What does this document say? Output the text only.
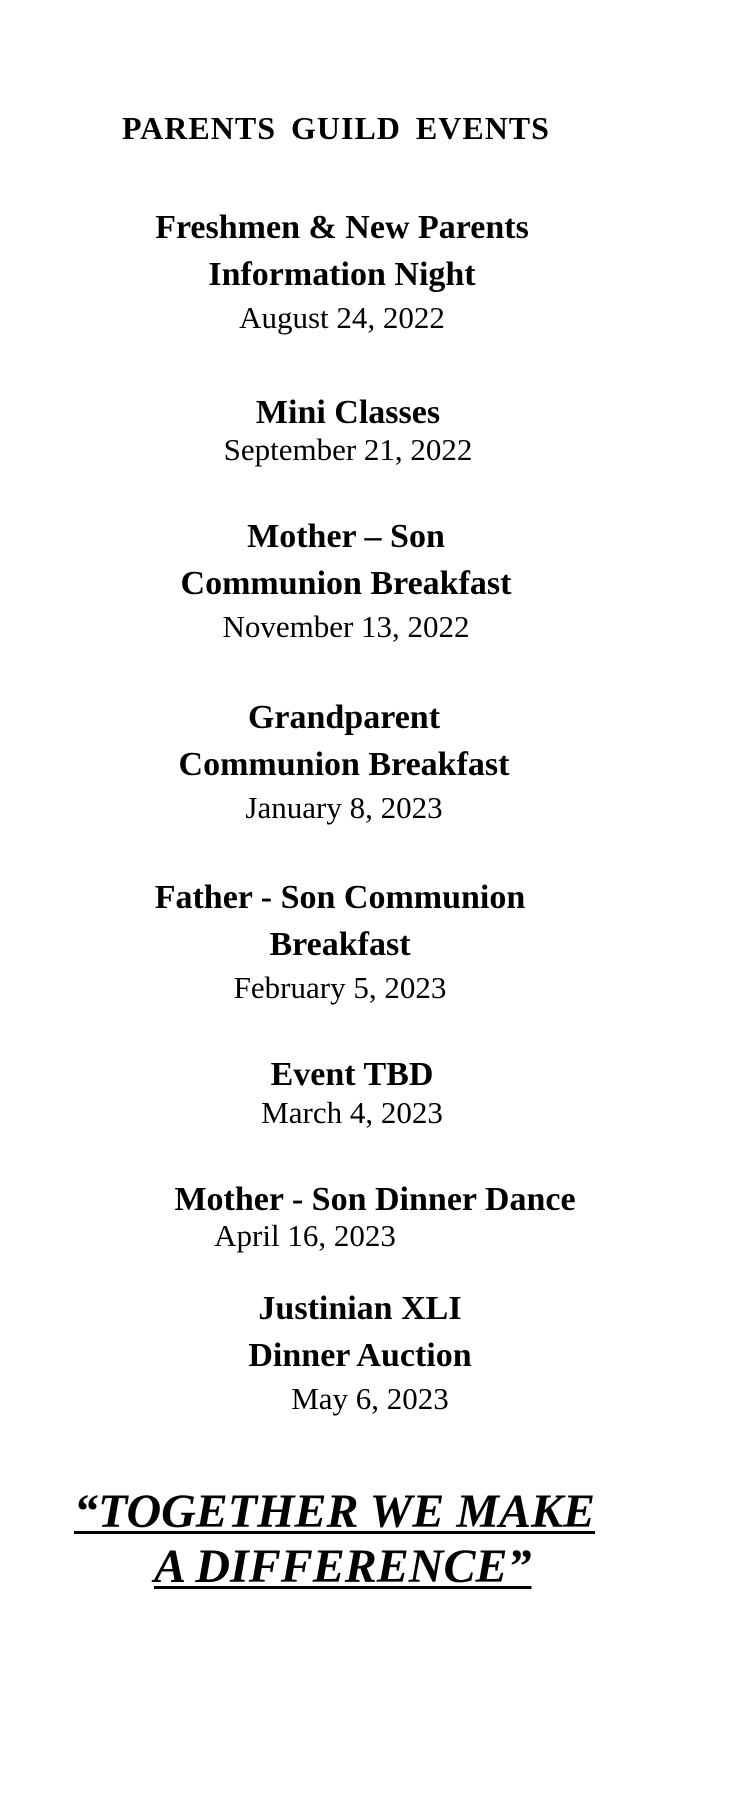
PARENTS GUILD EVENTS
Freshmen & New Parents
Information Night
August 24, 2022
Mini Classes
September 21, 2022
Mother – Son
Communion Breakfast
November 13, 2022
Grandparent
Communion Breakfast
January 8, 2023
Father - Son Communion
Breakfast
February 5, 2023
Event TBD
March 4, 2023
Mother - Son Dinner Dance
April 16, 2023
Justinian XLI
Dinner Auction
May 6, 2023
“TOGETHER WE MAKE
A DIFFERENCE”
